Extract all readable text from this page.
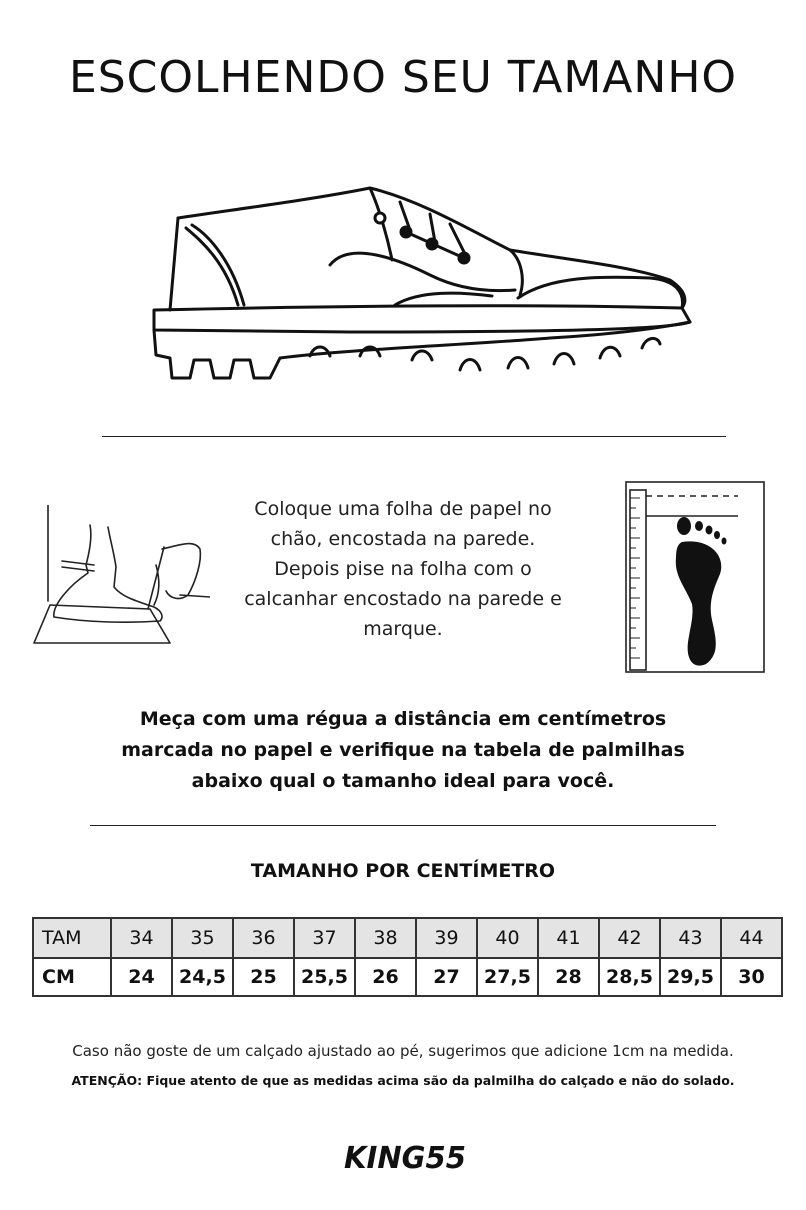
ESCOLHENDO SEU TAMANHO
Coloque uma folha de papel no
chão, encostada na parede.
Depois pise na folha com o
calcanhar encostado na parede e
marque.
Meça com uma régua a distância em centímetros
marcada no papel e verifique na tabela de palmilhas
abaixo qual o tamanho ideal para você.
TAMANHO POR CENTÍMETRO
TAM	34	35	36	37	38	39	40	41	42	43	44
CM	24	24,5	25	25,5	26	27	27,5	28	28,5	29,5	30
Caso não goste de um calçado ajustado ao pé, sugerimos que adicione 1cm na medida.
ATENÇÃO: Fique atento de que as medidas acima são da palmilha do calçado e não do solado.
KING55
